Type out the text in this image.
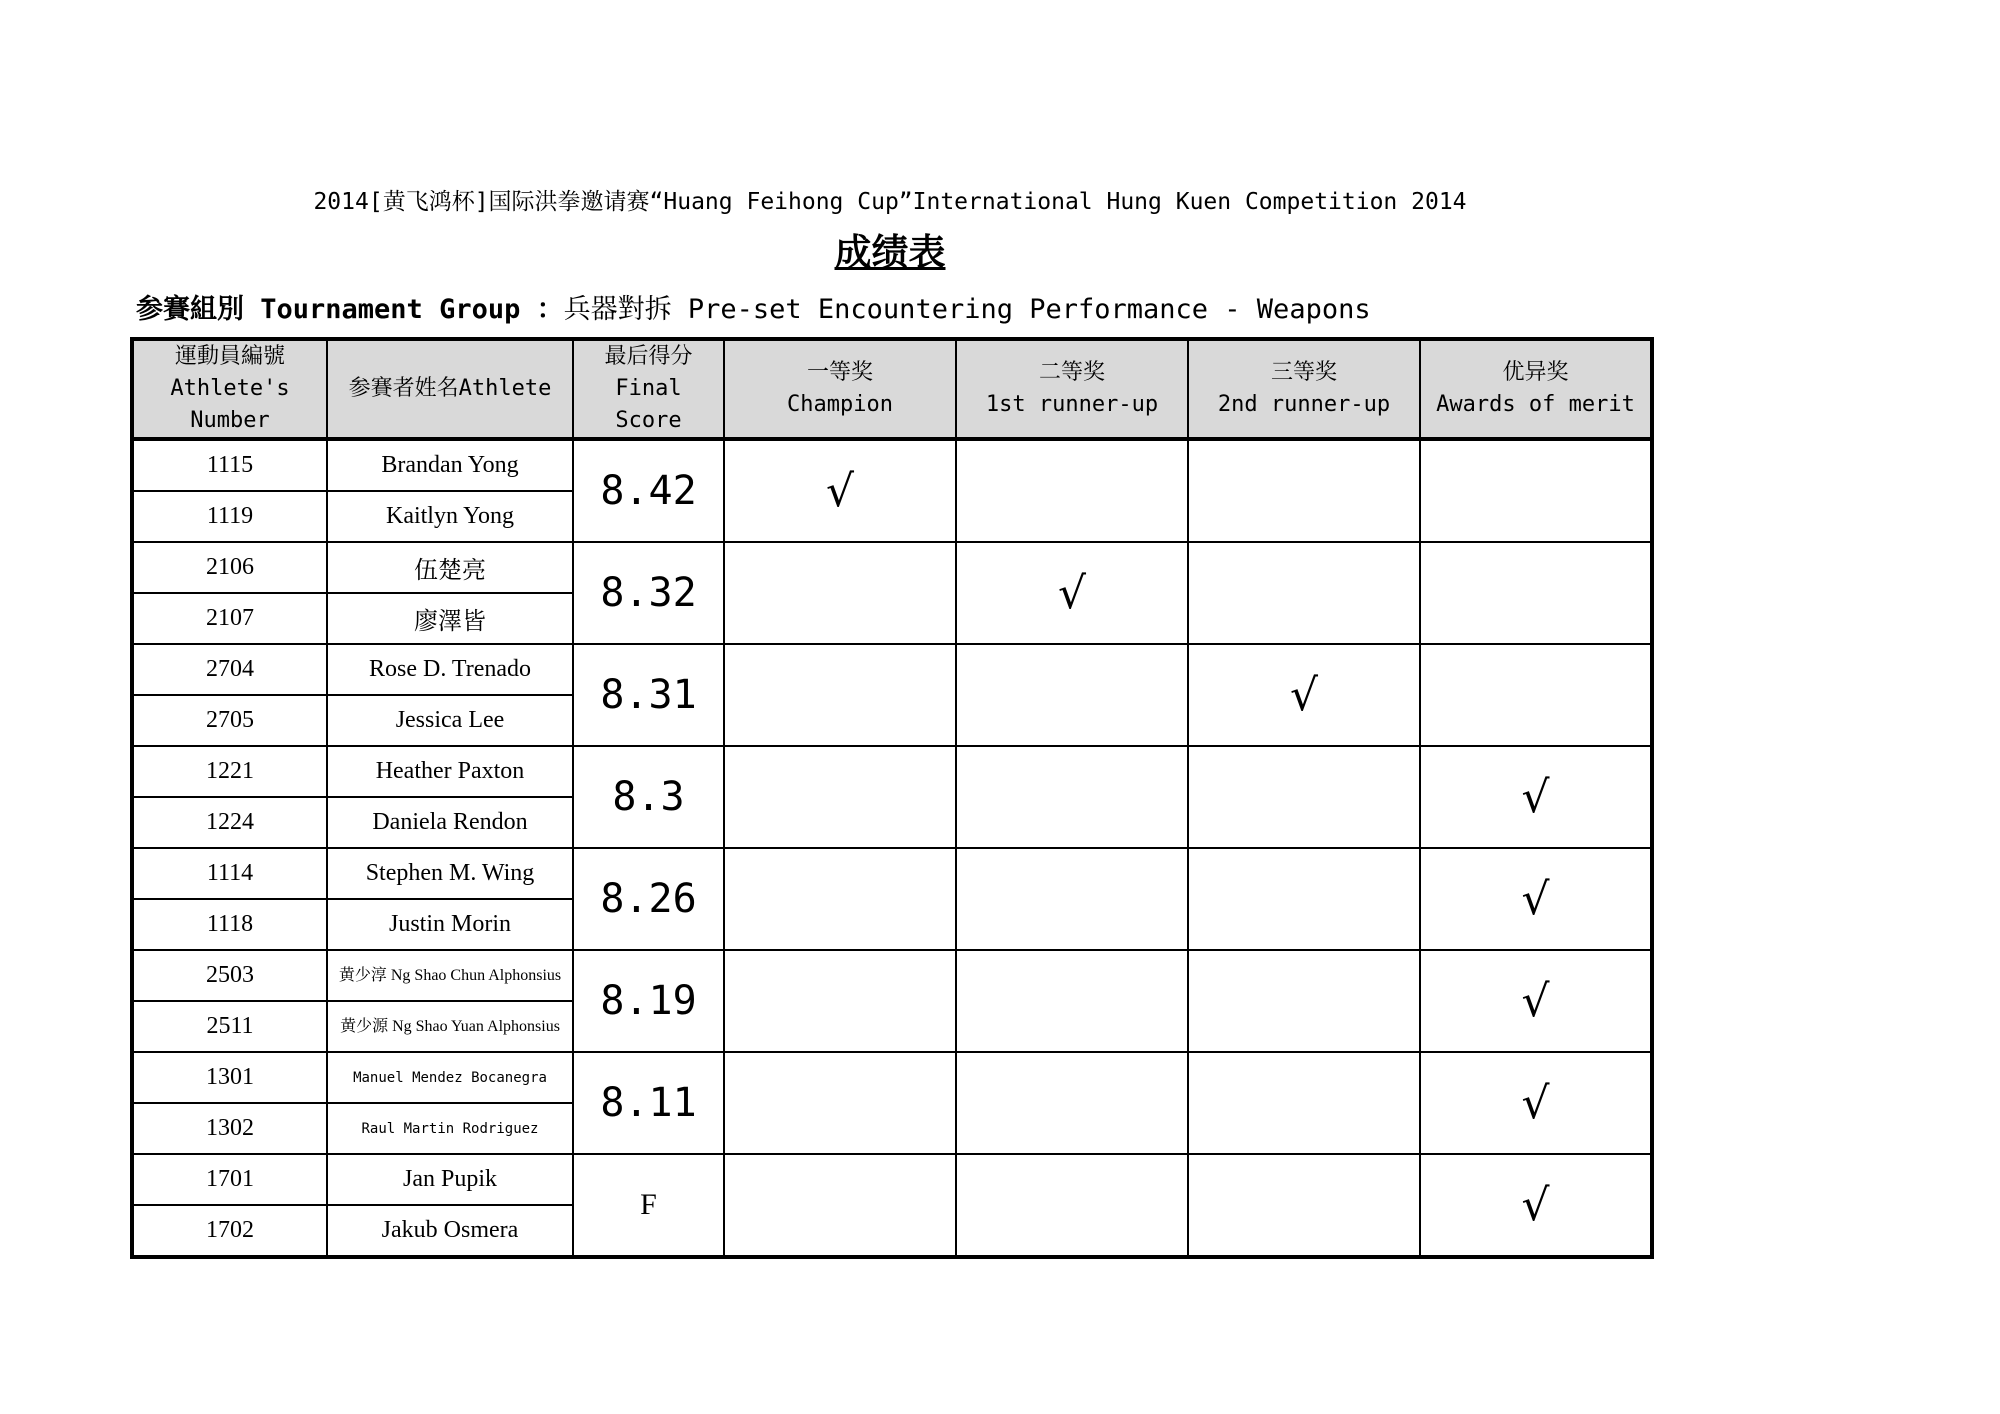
2014[黄飞鸿杯]国际洪拳邀请赛“Huang Feihong Cup”International Hung Kuen Competition 2014
成绩表
参賽組別 Tournament Group ：兵器對拆 Pre-set Encountering Performance - Weapons
運動員編號
Athlete's
Number	参賽者姓名Athlete	最后得分
Final
Score	一等奖
Champion	二等奖
1st runner-up	三等奖
2nd runner-up	优异奖
Awards of merit
1115	Brandan Yong	8.42	√			
1119	Kaitlyn Yong					
2106	伍楚亮	8.32		√		
2107	廖澤皆					
2704	Rose D. Trenado	8.31			√	
2705	Jessica Lee					
1221	Heather Paxton	8.3				√
1224	Daniela Rendon					
1114	Stephen M. Wing	8.26				√
1118	Justin Morin					
2503	黄少淳 Ng Shao Chun Alphonsius	8.19				√
2511	黄少源 Ng Shao Yuan Alphonsius					
1301	Manuel Mendez Bocanegra	8.11				√
1302	Raul Martin Rodriguez					
1701	Jan Pupik	F				√
1702	Jakub Osmera					
